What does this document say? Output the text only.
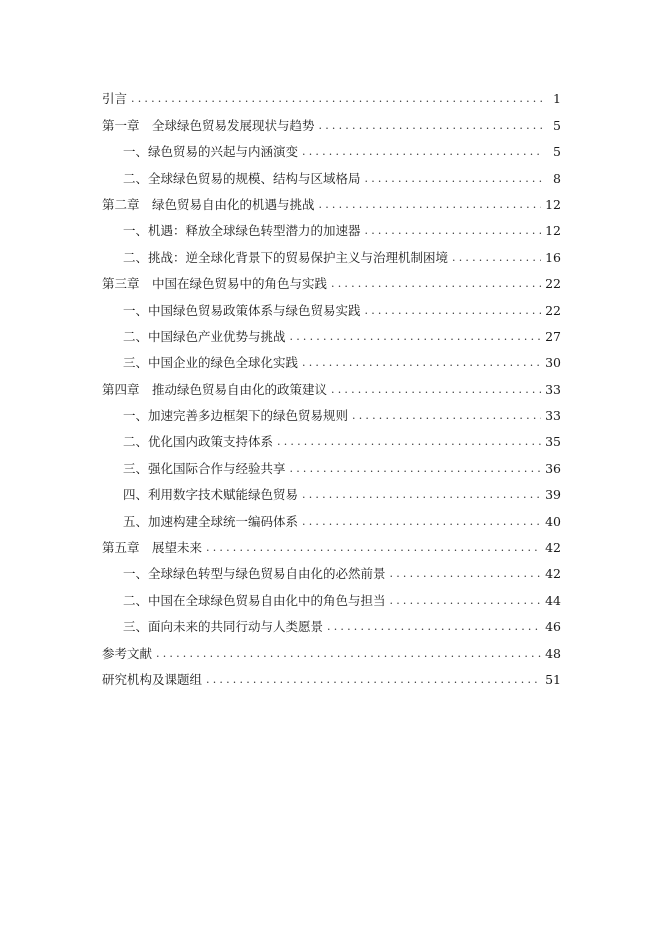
引言 .....	1
第一章　全球绿色贸易发展现状与趋势 .....	5
一、绿色贸易的兴起与内涵演变 .....	5
二、全球绿色贸易的规模、结构与区域格局 .....	8
第二章　绿色贸易自由化的机遇与挑战 .....	12
一、机遇：释放全球绿色转型潜力的加速器 .....	12
二、挑战：逆全球化背景下的贸易保护主义与治理机制困境 .....	16
第三章　中国在绿色贸易中的角色与实践 .....	22
一、中国绿色贸易政策体系与绿色贸易实践 .....	22
二、中国绿色产业优势与挑战 .....	27
三、中国企业的绿色全球化实践 .....	30
第四章　推动绿色贸易自由化的政策建议 .....	33
一、加速完善多边框架下的绿色贸易规则 .....	33
二、优化国内政策支持体系 .....	35
三、强化国际合作与经验共享 .....	36
四、利用数字技术赋能绿色贸易 .....	39
五、加速构建全球统一编码体系 .....	40
第五章　展望未来 .....	42
一、全球绿色转型与绿色贸易自由化的必然前景 .....	42
二、中国在全球绿色贸易自由化中的角色与担当 .....	44
三、面向未来的共同行动与人类愿景 .....	46
参考文献 .....	48
研究机构及课题组 .....	51
